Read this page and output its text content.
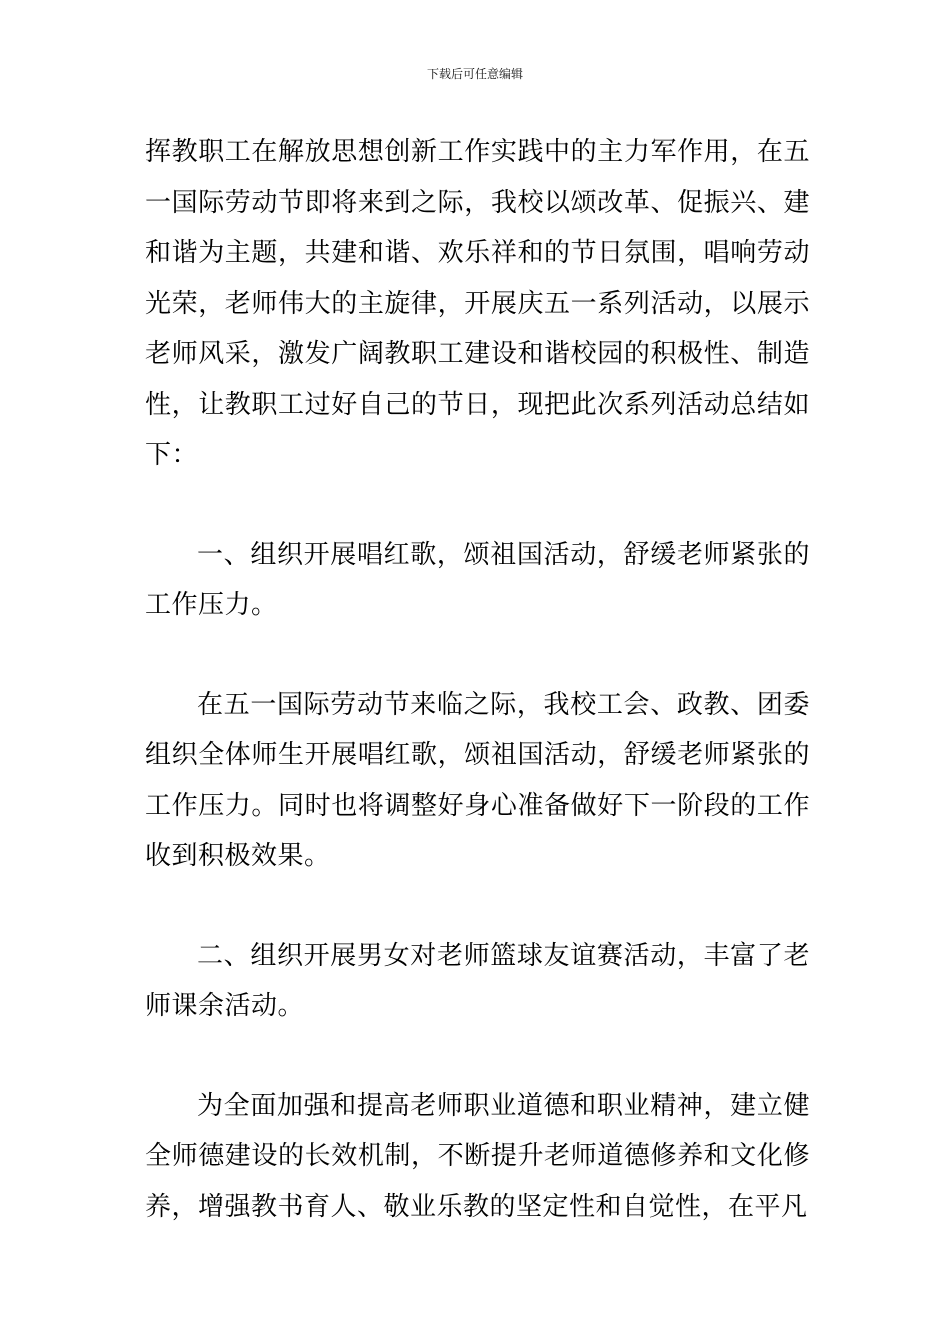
下载后可任意编辑

挥教职工在解放思想创新工作实践中的主力军作用，在五一国际劳动节即将来到之际，我校以颂改革、促振兴、建和谐为主题，共建和谐、欢乐祥和的节日氛围，唱响劳动光荣，老师伟大的主旋律，开展庆五一系列活动，以展示老师风采，激发广阔教职工建设和谐校园的积极性、制造性，让教职工过好自己的节日，现把此次系列活动总结如下：

一、组织开展唱红歌，颂祖国活动，舒缓老师紧张的工作压力。

在五一国际劳动节来临之际，我校工会、政教、团委组织全体师生开展唱红歌，颂祖国活动，舒缓老师紧张的工作压力。同时也将调整好身心准备做好下一阶段的工作收到积极效果。

二、组织开展男女对老师篮球友谊赛活动，丰富了老师课余活动。

为全面加强和提高老师职业道德和职业精神，建立健全师德建设的长效机制，不断提升老师道德修养和文化修养，增强教书育人、敬业乐教的坚定性和自觉性，在平凡
